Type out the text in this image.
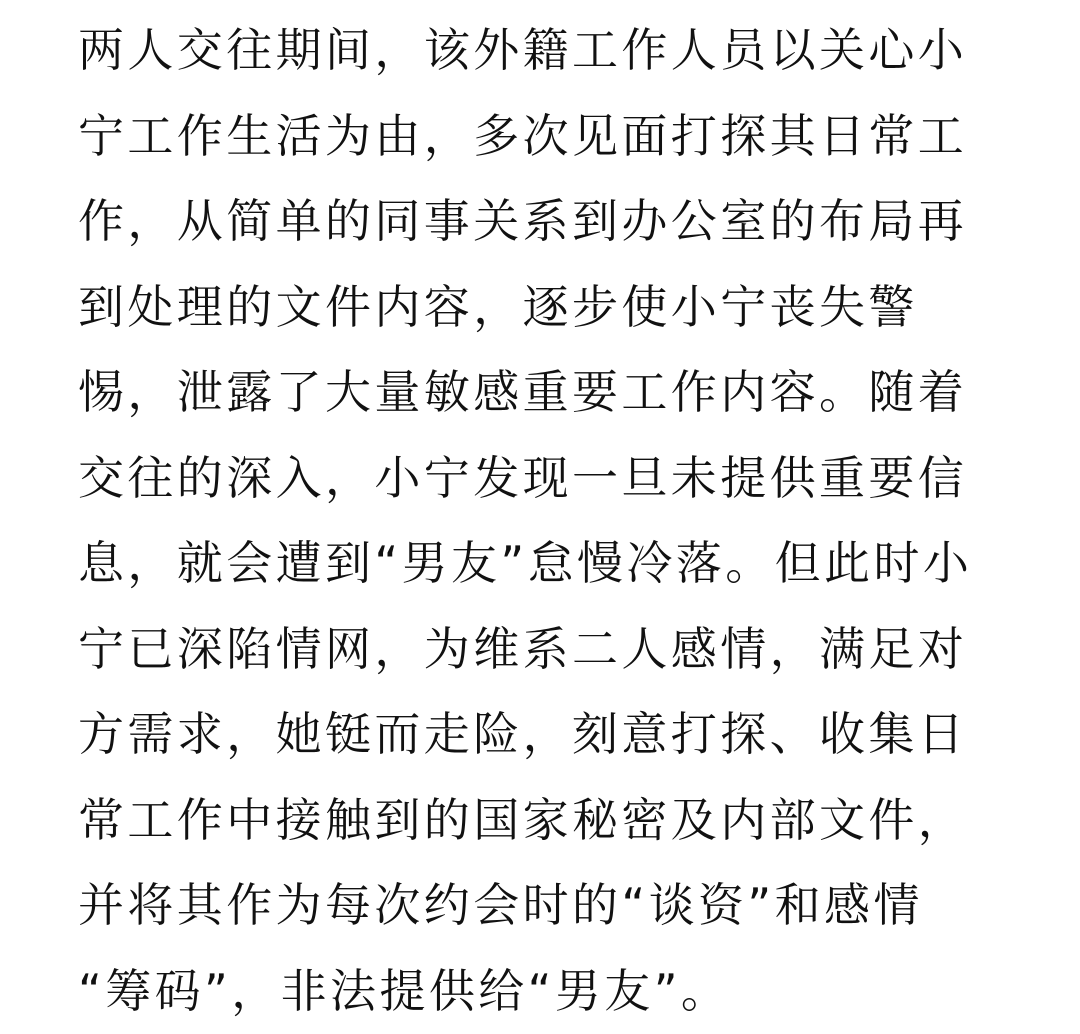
两人交往期间，该外籍工作人员以关心小
宁工作生活为由，多次见面打探其日常工
作，从简单的同事关系到办公室的布局再
到处理的文件内容，逐步使小宁丧失警
惕，泄露了大量敏感重要工作内容。随着
交往的深入，小宁发现一旦未提供重要信
息，就会遭到“男友”怠慢冷落。但此时小
宁已深陷情网，为维系二人感情，满足对
方需求，她铤而走险，刻意打探、收集日
常工作中接触到的国家秘密及内部文件，
并将其作为每次约会时的“谈资”和感情
“筹码”，非法提供给“男友”。
